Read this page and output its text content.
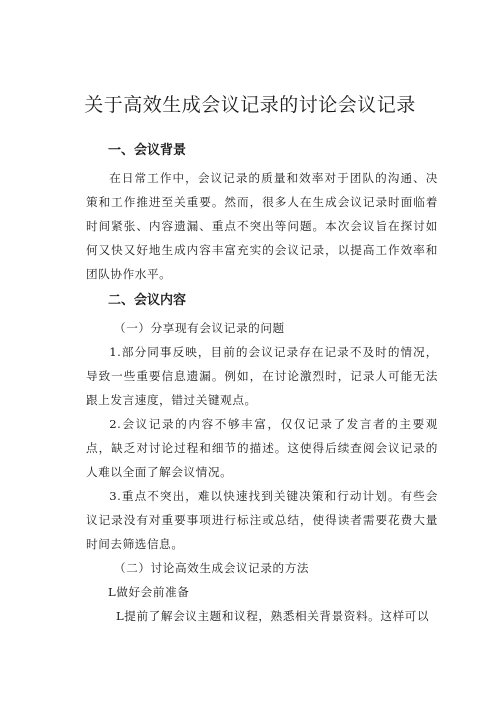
关于高效生成会议记录的讨论会议记录
一、会议背景

在日常工作中，会议记录的质量和效率对于团队的沟通、决策和工作推进至关重要。然而，很多人在生成会议记录时面临着时间紧张、内容遗漏、重点不突出等问题。本次会议旨在探讨如何又快又好地生成内容丰富充实的会议记录，以提高工作效率和团队协作水平。

二、会议内容
（一）分享现有会议记录的问题

1.部分同事反映，目前的会议记录存在记录不及时的情况，导致一些重要信息遗漏。例如，在讨论激烈时，记录人可能无法跟上发言速度，错过关键观点。

2.会议记录的内容不够丰富，仅仅记录了发言者的主要观点，缺乏对讨论过程和细节的描述。这使得后续查阅会议记录的人难以全面了解会议情况。

3.重点不突出，难以快速找到关键决策和行动计划。有些会议记录没有对重要事项进行标注或总结，使得读者需要花费大量时间去筛选信息。

（二）讨论高效生成会议记录的方法
L做好会前准备
L提前了解会议主题和议程，熟悉相关背景资料。这样可以
